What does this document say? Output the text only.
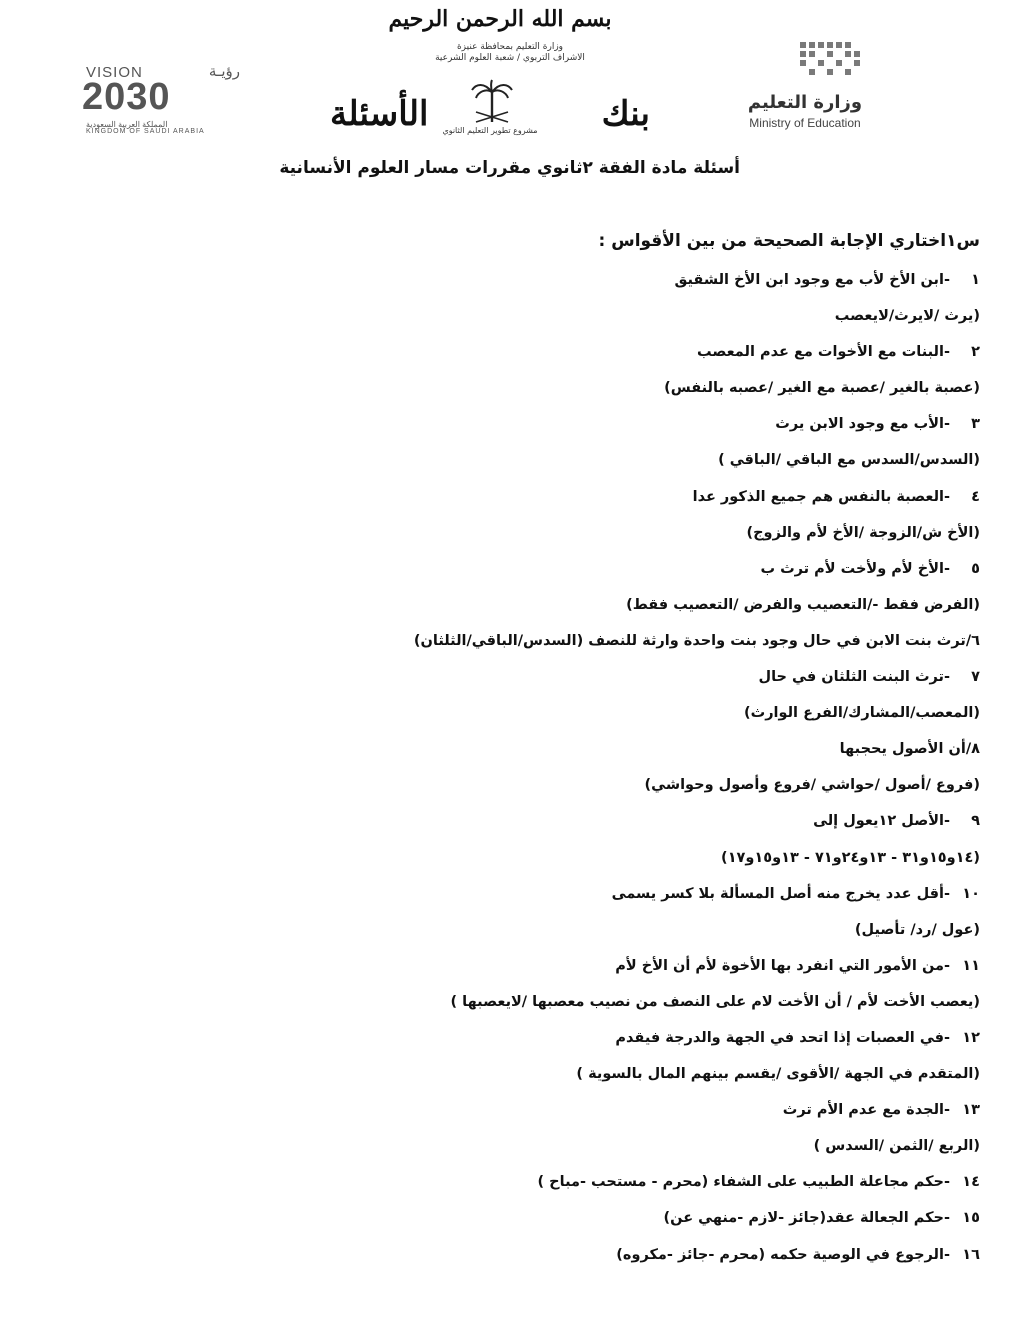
بسم الله الرحمن الرحيم
وزارة التعليم بمحافظة عنيزة
الاشراف التربوي / شعبة العلوم الشرعية
بنك
الأسئلة	مشروع تطوير التعليم الثانوي
وزارة التعليم
Ministry of Education
VISION	رؤيـة
2030
المملكة العربية السعودية
KINGDOM OF SAUDI ARABIA
أسئلة مادة الفقة ٢ثانوي مقررات مسار العلوم الأنسانية
س١اختاري الإجابة الصحيحة من بين الأقواس :
١-ابن الأخ لأب مع وجود ابن الأخ الشقيق
(يرث /لايرث/لايعصب
٢-البنات مع الأخوات مع عدم المعصب
(عصبة بالغير /عصبة مع الغير /عصبه بالنفس)
٣-الأب مع وجود الابن يرث
(السدس/السدس مع الباقي /الباقي )
٤-العصبة بالنفس هم جميع الذكور عدا
(الأخ ش/الزوجة /الأخ لأم والزوج)
٥-الأخ لأم ولأخت لأم ترث ب
(الفرض فقط -/التعصيب والفرض /التعصيب فقط)
٦/ترث بنت الابن في حال وجود بنت واحدة وارثة للنصف (السدس/الباقي/الثلثان)
٧-ترث البنت الثلثان في حال
(المعصب/المشارك/الفرع الوارث)
٨/أن الأصول يحجبها
(فروع /أصول /حواشي /فروع وأصول وحواشي)
٩-الأصل ١٢يعول إلى
(١٤و١٥و٣١ - ١٣و٢٤و٧١ - ١٣و١٥و١٧)
١٠-أقل عدد يخرج منه أصل المسألة بلا كسر يسمى
(عول /رد/ تأصيل)
١١-من الأمور التي انفرد بها الأخوة لأم أن الأخ لأم
(يعصب الأخت لأم / أن الأخت لام على النصف من نصيب معصبها /لايعصبها )
١٢-في العصبات إذا اتحد في الجهة والدرجة فيقدم
(المتقدم في الجهة /الأقوى /يقسم بينهم المال بالسوية )
١٣-الجدة مع عدم الأم ترث
(الربع /الثمن /السدس )
١٤-حكم مجاعلة الطبيب على الشفاء (محرم - مستحب -مباح )
١٥-حكم الجعالة عقد(جائز -لازم -منهي عن)
١٦-الرجوع في الوصية حكمه (محرم -جائز -مكروه)
